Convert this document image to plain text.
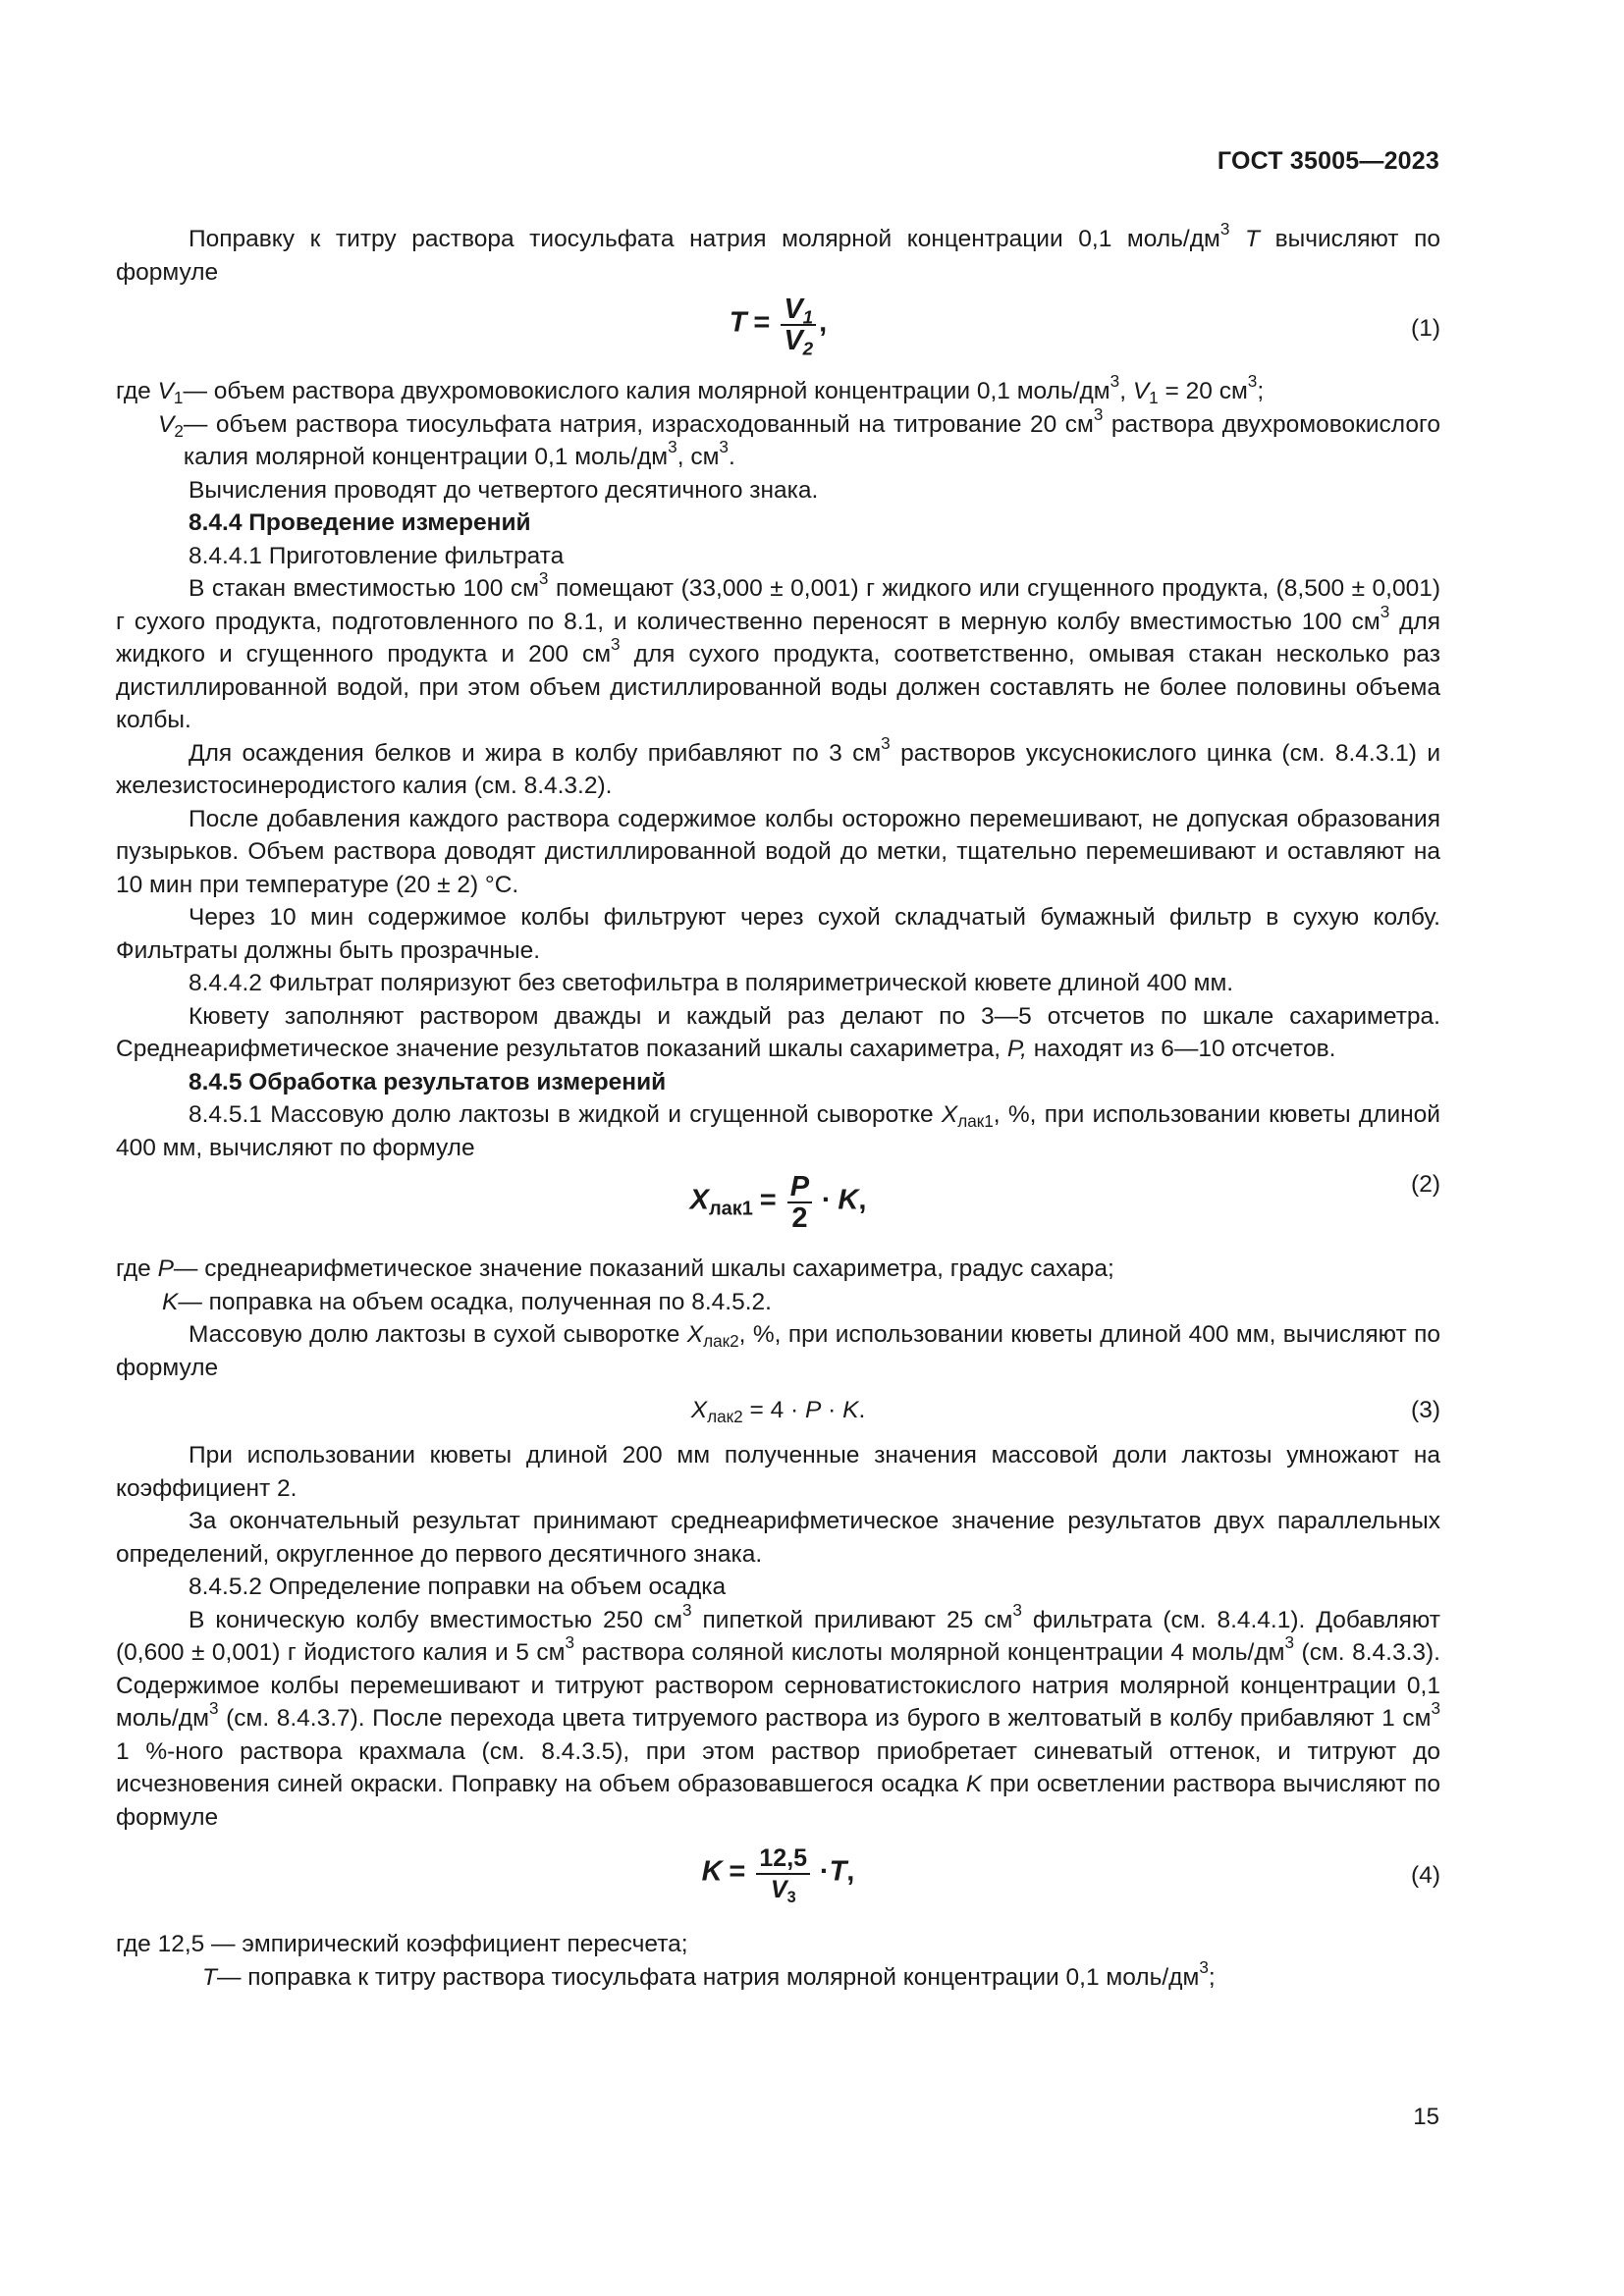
ГОСТ 35005—2023

Поправку к титру раствора тиосульфата натрия молярной концентрации 0,1 моль/$дм^3$ T вычисляют по формуле

$T = \frac{V_1}{V_2}$ ,	(1)
где $V_1$ — объем раствора двухромовокислого калия молярной концентрации 0,1 моль/$дм^3$, $V_1 = 20$ $см^3$;
$V_2$ — объем раствора тиосульфата натрия, израсходованный на титрование 20 $см^3$ раствора двухромовокислого калия молярной концентрации 0,1 моль/$дм^3$, $см^3$.

Вычисления проводят до четвертого десятичного знака.

8.4.4 Проведение измерений

8.4.4.1 Приготовление фильтрата

В стакан вместимостью 100 $см^3$ помещают (33,000 ± 0,001) г жидкого или сгущенного продукта, (8,500 ± 0,001) г сухого продукта, подготовленного по 8.1, и количественно переносят в мерную колбу вместимостью 100 $см^3$ для жидкого и сгущенного продукта и 200 $см^3$ для сухого продукта, соответственно, омывая стакан несколько раз дистиллированной водой, при этом объем дистиллированной воды должен составлять не более половины объема колбы.

Для осаждения белков и жира в колбу прибавляют по 3 $см^3$ растворов уксуснокислого цинка (см. 8.4.3.1) и железистосинеродистого калия (см. 8.4.3.2).

После добавления каждого раствора содержимое колбы осторожно перемешивают, не допуская образования пузырьков. Объем раствора доводят дистиллированной водой до метки, тщательно перемешивают и оставляют на 10 мин при температуре (20 ± 2) °С.

Через 10 мин содержимое колбы фильтруют через сухой складчатый бумажный фильтр в сухую колбу. Фильтраты должны быть прозрачные.

8.4.4.2 Фильтрат поляризуют без светофильтра в поляриметрической кювете длиной 400 мм.

Кювету заполняют раствором дважды и каждый раз делают по 3—5 отсчетов по шкале сахариметра. Среднеарифметическое значение результатов показаний шкалы сахариметра, P, находят из 6—10 отсчетов.

8.4.5 Обработка результатов измерений

8.4.5.1 Массовую долю лактозы в жидкой и сгущенной сыворотке $X_{лак1}$, %, при использовании кюветы длиной 400 мм, вычисляют по формуле

$X_{лак1} = \frac{P}{2} \cdot K$,	(2)
где P — среднеарифметическое значение показаний шкалы сахариметра, градус сахара;
K — поправка на объем осадка, полученная по 8.4.5.2.

Массовую долю лактозы в сухой сыворотке $X_{лак2}$, %, при использовании кюветы длиной 400 мм, вычисляют по формуле

$X_{лак2} = 4 \cdot P \cdot K$.	(3)

При использовании кюветы длиной 200 мм полученные значения массовой доли лактозы умножают на коэффициент 2.

За окончательный результат принимают среднеарифметическое значение результатов двух параллельных определений, округленное до первого десятичного знака.

8.4.5.2 Определение поправки на объем осадка

В коническую колбу вместимостью 250 $см^3$ пипеткой приливают 25 $см^3$ фильтрата (см. 8.4.4.1). Добавляют (0,600 ± 0,001) г йодистого калия и 5 $см^3$ раствора соляной кислоты молярной концентрации 4 моль/$дм^3$ (см. 8.4.3.3). Содержимое колбы перемешивают и титруют раствором серноватистокислого натрия молярной концентрации 0,1 моль/$дм^3$ (см. 8.4.3.7). После перехода цвета титруемого раствора из бурого в желтоватый в колбу прибавляют 1 $см^3$ 1 %-ного раствора крахмала (см. 8.4.3.5), при этом раствор приобретает синеватый оттенок, и титруют до исчезновения синей окраски. Поправку на объем образовавшегося осадка K при осветлении раствора вычисляют по формуле

$K = \frac{12,5}{V_3} \cdot T$,	(4)
где 12,5 — эмпирический коэффициент пересчета;
T — поправка к титру раствора тиосульфата натрия молярной концентрации 0,1 моль/$дм^3$;
15
